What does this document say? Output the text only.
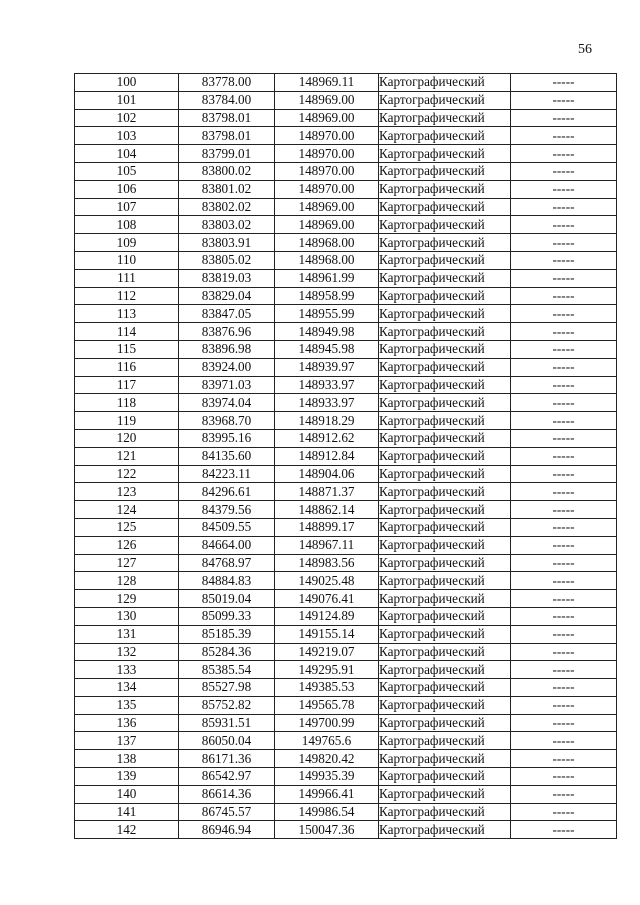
56
100	83778.00	148969.11	Картографический	-----
101	83784.00	148969.00	Картографический	-----
102	83798.01	148969.00	Картографический	-----
103	83798.01	148970.00	Картографический	-----
104	83799.01	148970.00	Картографический	-----
105	83800.02	148970.00	Картографический	-----
106	83801.02	148970.00	Картографический	-----
107	83802.02	148969.00	Картографический	-----
108	83803.02	148969.00	Картографический	-----
109	83803.91	148968.00	Картографический	-----
110	83805.02	148968.00	Картографический	-----
111	83819.03	148961.99	Картографический	-----
112	83829.04	148958.99	Картографический	-----
113	83847.05	148955.99	Картографический	-----
114	83876.96	148949.98	Картографический	-----
115	83896.98	148945.98	Картографический	-----
116	83924.00	148939.97	Картографический	-----
117	83971.03	148933.97	Картографический	-----
118	83974.04	148933.97	Картографический	-----
119	83968.70	148918.29	Картографический	-----
120	83995.16	148912.62	Картографический	-----
121	84135.60	148912.84	Картографический	-----
122	84223.11	148904.06	Картографический	-----
123	84296.61	148871.37	Картографический	-----
124	84379.56	148862.14	Картографический	-----
125	84509.55	148899.17	Картографический	-----
126	84664.00	148967.11	Картографический	-----
127	84768.97	148983.56	Картографический	-----
128	84884.83	149025.48	Картографический	-----
129	85019.04	149076.41	Картографический	-----
130	85099.33	149124.89	Картографический	-----
131	85185.39	149155.14	Картографический	-----
132	85284.36	149219.07	Картографический	-----
133	85385.54	149295.91	Картографический	-----
134	85527.98	149385.53	Картографический	-----
135	85752.82	149565.78	Картографический	-----
136	85931.51	149700.99	Картографический	-----
137	86050.04	149765.6	Картографический	-----
138	86171.36	149820.42	Картографический	-----
139	86542.97	149935.39	Картографический	-----
140	86614.36	149966.41	Картографический	-----
141	86745.57	149986.54	Картографический	-----
142	86946.94	150047.36	Картографический	-----
